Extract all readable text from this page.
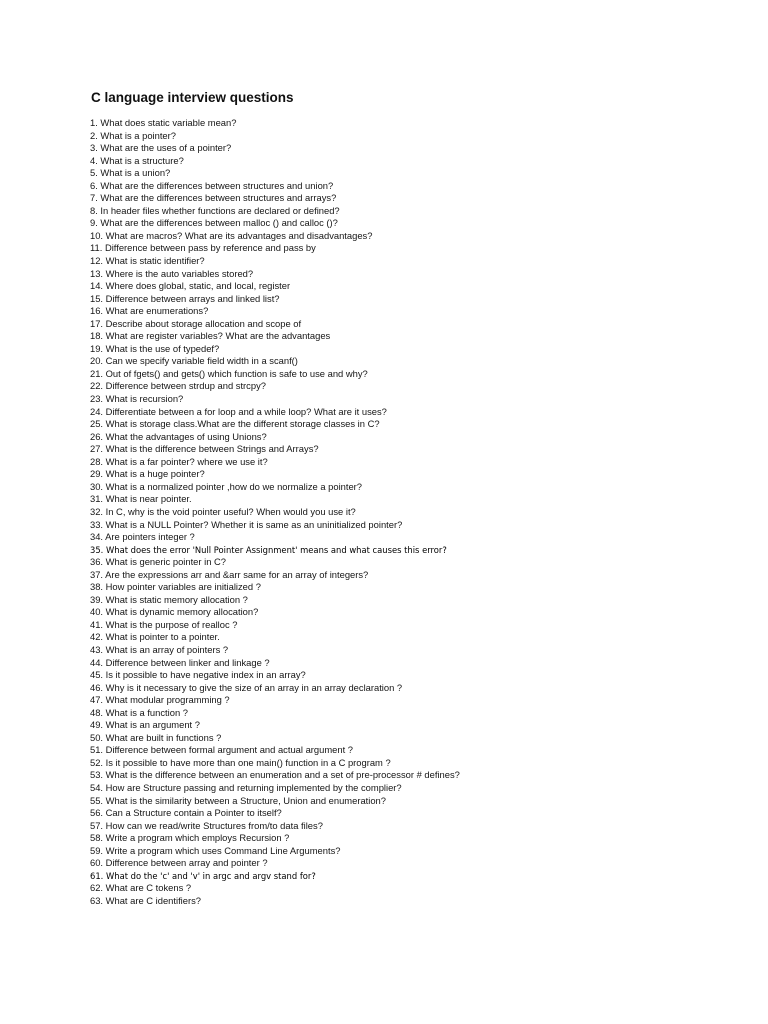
C language interview questions
1. What does static variable mean?
2. What is a pointer?
3. What are the uses of a pointer?
4. What is a structure?
5. What is a union?
6. What are the differences between structures and union?
7. What are the differences between structures and arrays?
8. In header files whether functions are declared or defined?
9. What are the differences between malloc () and calloc ()?
10. What are macros? What are its advantages and disadvantages?
11. Difference between pass by reference and pass by
12. What is static identifier?
13. Where is the auto variables stored?
14. Where does global, static, and local, register
15. Difference between arrays and linked list?
16. What are enumerations?
17. Describe about storage allocation and scope of
18. What are register variables? What are the advantages
19. What is the use of typedef?
20. Can we specify variable field width in a scanf()
21. Out of fgets() and gets() which function is safe to use and why?
22. Difference between strdup and strcpy?
23. What is recursion?
24. Differentiate between a for loop and a while loop? What are it uses?
25. What is storage class.What are the different storage classes in C?
26. What the advantages of using Unions?
27. What is the difference between Strings and Arrays?
28. What is a far pointer? where we use it?
29. What is a huge pointer?
30. What is a normalized pointer ,how do we normalize a pointer?
31. What is near pointer.
32. In C, why is the void pointer useful? When would you use it?
33. What is a NULL Pointer? Whether it is same as an uninitialized pointer?
34. Are pointers integer ?
35. What does the error 'Null Pointer Assignment' means and what causes this error?
36. What is generic pointer in C?
37. Are the expressions arr and &arr same for an array of integers?
38. How pointer variables are initialized ?
39. What is static memory allocation ?
40. What is dynamic memory allocation?
41. What is the purpose of realloc ?
42. What is pointer to a pointer.
43. What is an array of pointers ?
44. Difference between linker and linkage ?
45. Is it possible to have negative index in an array?
46. Why is it necessary to give the size of an array in an array declaration ?
47. What modular programming ?
48. What is a function ?
49. What is an argument ?
50. What are built in functions ?
51. Difference between formal argument and actual argument ?
52. Is it possible to have more than one main() function in a C program ?
53. What is the difference between an enumeration and a set of pre-processor # defines?
54. How are Structure passing and returning implemented by the complier?
55. What is the similarity between a Structure, Union and enumeration?
56. Can a Structure contain a Pointer to itself?
57. How can we read/write Structures from/to data files?
58. Write a program which employs Recursion ?
59. Write a program which uses Command Line Arguments?
60. Difference between array and pointer ?
61. What do the 'c' and 'v' in argc and argv stand for?
62. What are C tokens ?
63. What are C identifiers?
